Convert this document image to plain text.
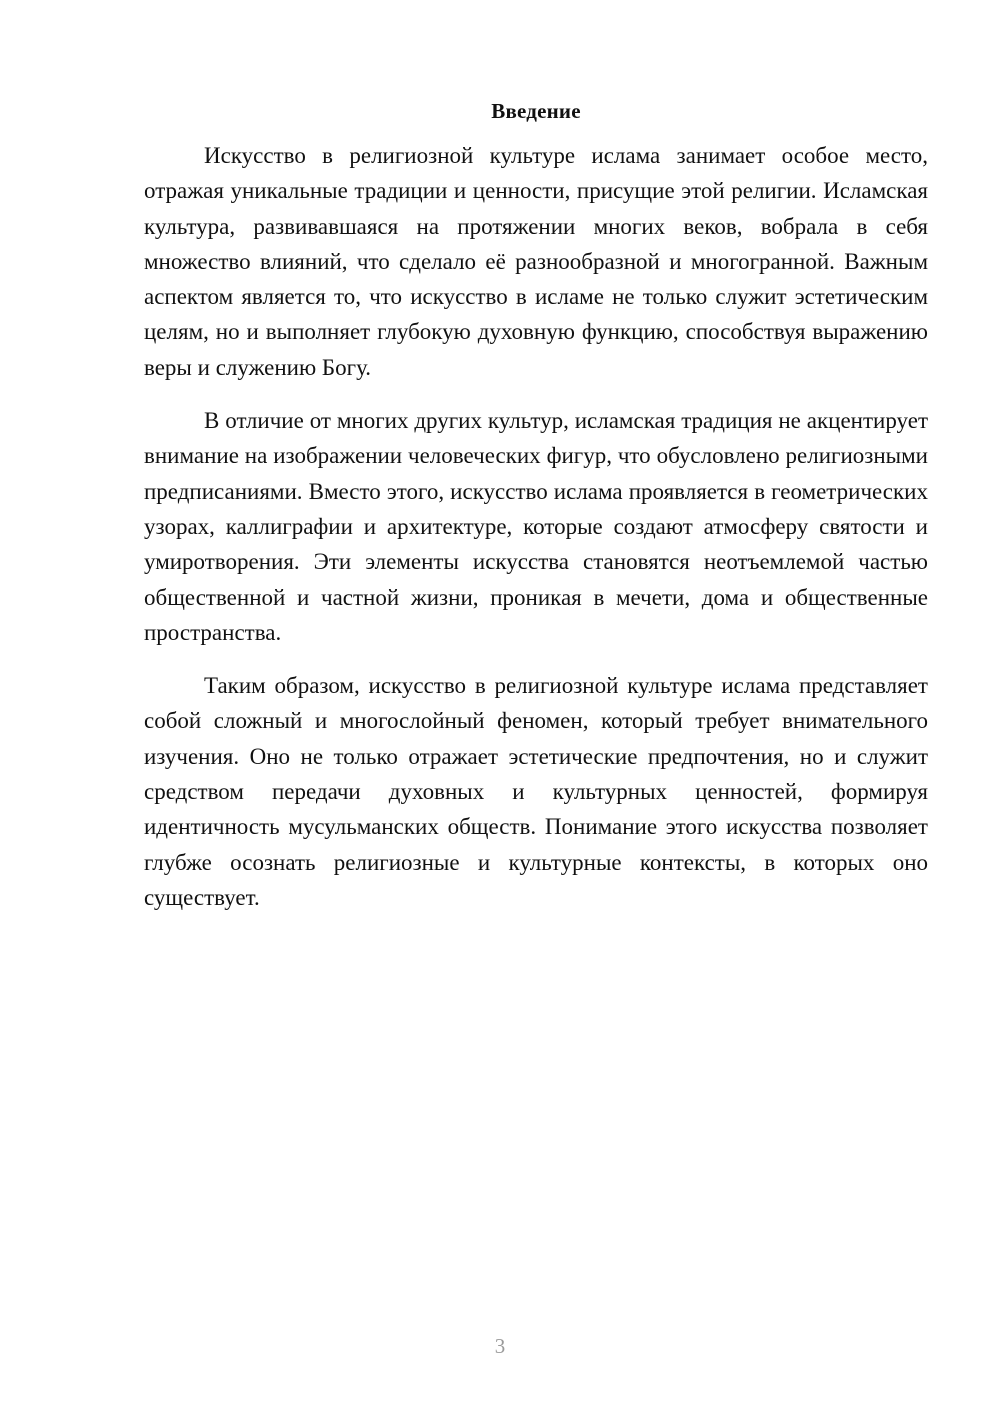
Введение

Искусство в религиозной культуре ислама занимает особое место, отражая уникальные традиции и ценности, присущие этой религии. Исламская культура, развивавшаяся на протяжении многих веков, вобрала в себя множество влияний, что сделало её разнообразной и многогранной. Важным аспектом является то, что искусство в исламе не только служит эстетическим целям, но и выполняет глубокую духовную функцию, способствуя выражению веры и служению Богу.

В отличие от многих других культур, исламская традиция не акцентирует внимание на изображении человеческих фигур, что обусловлено религиозными предписаниями. Вместо этого, искусство ислама проявляется в геометрических узорах, каллиграфии и архитектуре, которые создают атмосферу святости и умиротворения. Эти элементы искусства становятся неотъемлемой частью общественной и частной жизни, проникая в мечети, дома и общественные пространства.

Таким образом, искусство в религиозной культуре ислама представляет собой сложный и многослойный феномен, который требует внимательного изучения. Оно не только отражает эстетические предпочтения, но и служит средством передачи духовных и культурных ценностей, формируя идентичность мусульманских обществ. Понимание этого искусства позволяет глубже осознать религиозные и культурные контексты, в которых оно существует.

3
